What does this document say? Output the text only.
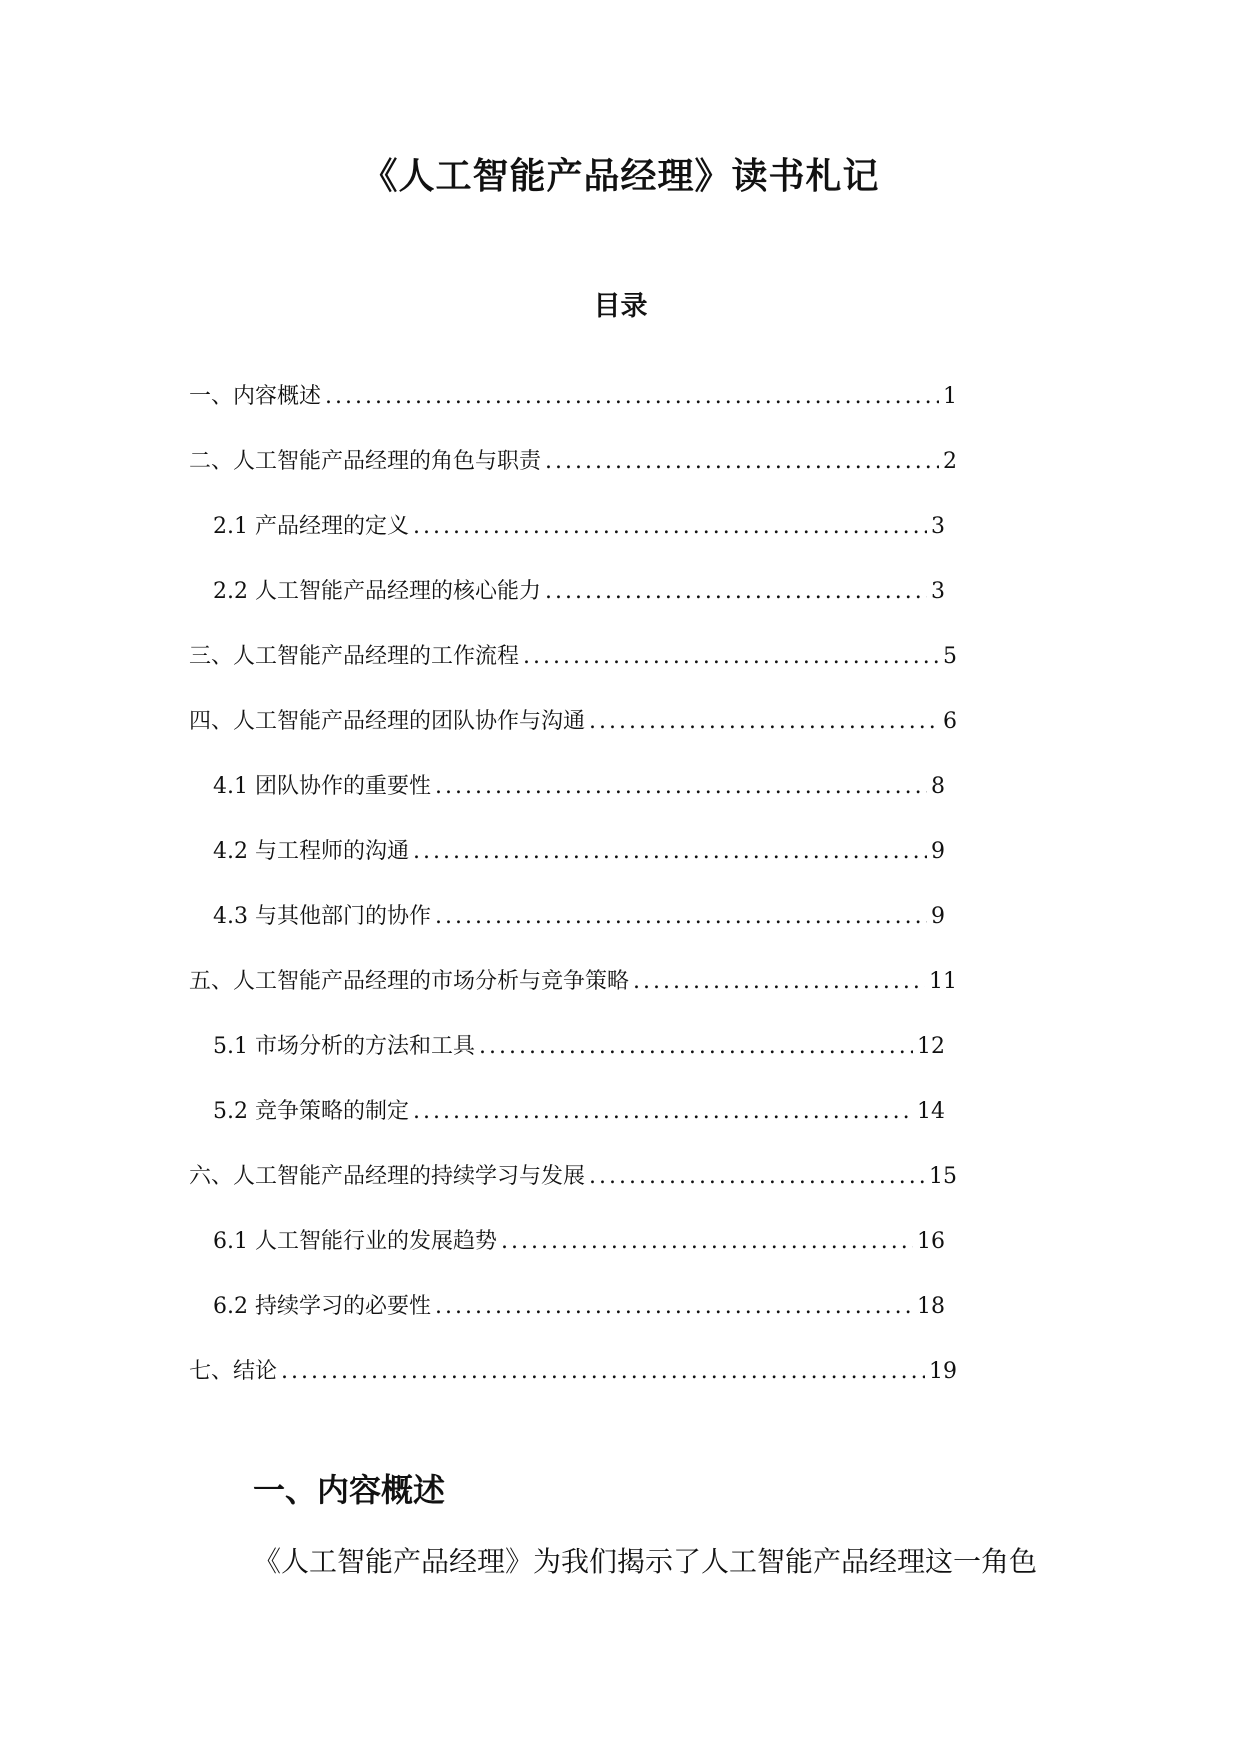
《人工智能产品经理》读书札记
目录
一、内容概述 .....	1
二、人工智能产品经理的角色与职责 .....	2
2.1 产品经理的定义 .....	3
2.2 人工智能产品经理的核心能力 .....	3
三、人工智能产品经理的工作流程 .....	5
四、人工智能产品经理的团队协作与沟通 .....	6
4.1 团队协作的重要性 .....	8
4.2 与工程师的沟通 .....	9
4.3 与其他部门的协作 .....	9
五、人工智能产品经理的市场分析与竞争策略 .....	11
5.1 市场分析的方法和工具 .....	12
5.2 竞争策略的制定 .....	14
六、人工智能产品经理的持续学习与发展 .....	15
6.1 人工智能行业的发展趋势 .....	16
6.2 持续学习的必要性 .....	18
七、结论 .....	19
一、内容概述

《人工智能产品经理》为我们揭示了人工智能产品经理这一角色
